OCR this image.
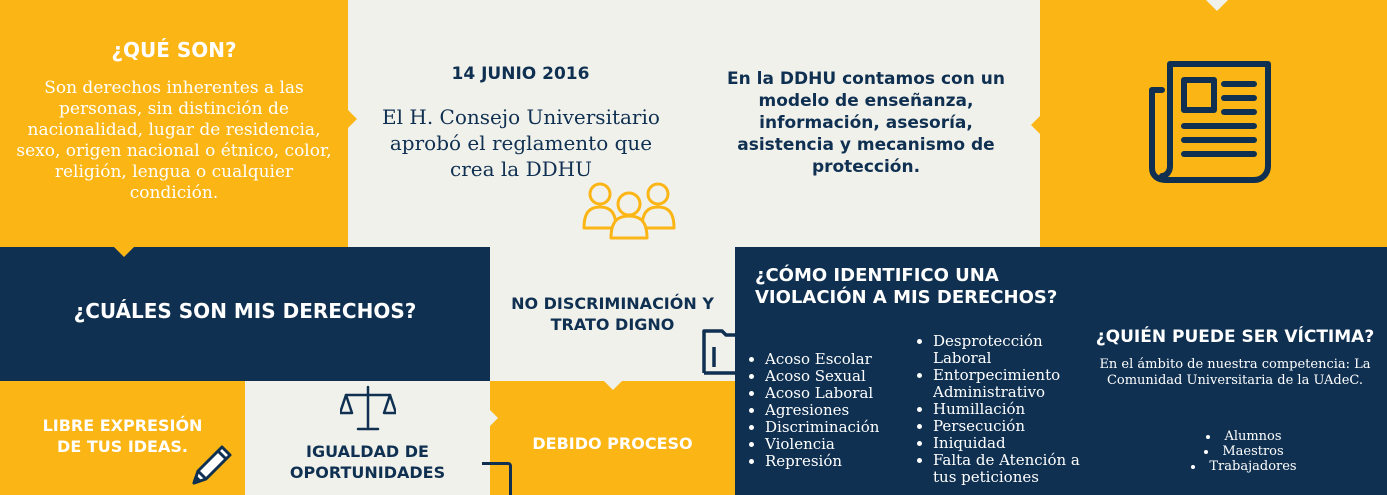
¿QUÉ SON?
Son derechos inherentes a las personas, sin distinción de nacionalidad, lugar de residencia, sexo, origen nacional o étnico, color, religión, lengua o cualquier condición.
14 JUNIO 2016
El H. Consejo Universitario aprobó el reglamento que crea la DDHU
En la DDHU contamos con un modelo de enseñanza, información, asesoría, asistencia y mecanismo de protección.
¿CUÁLES SON MIS DERECHOS?	NO DISCRIMINACIÓN Y TRATO DIGNO
¿CÓMO IDENTIFICO UNA VIOLACIÓN A MIS DERECHOS?
• Acoso Escolar
• Acoso Sexual
• Acoso Laboral
• Agresiones
• Discriminación
• Violencia
• Represión
• Desprotección Laboral
• Entorpecimiento Administrativo
• Humillación
• Persecución
• Iniquidad
• Falta de Atención a tus peticiones
¿QUIÉN PUEDE SER VÍCTIMA?
En el ámbito de nuestra competencia: La Comunidad Universitaria de la UAdeC.
• Alumnos
• Maestros
• Trabajadores
LIBRE EXPRESIÓN DE TUS IDEAS.	IGUALDAD DE OPORTUNIDADES
DEBIDO PROCESO
